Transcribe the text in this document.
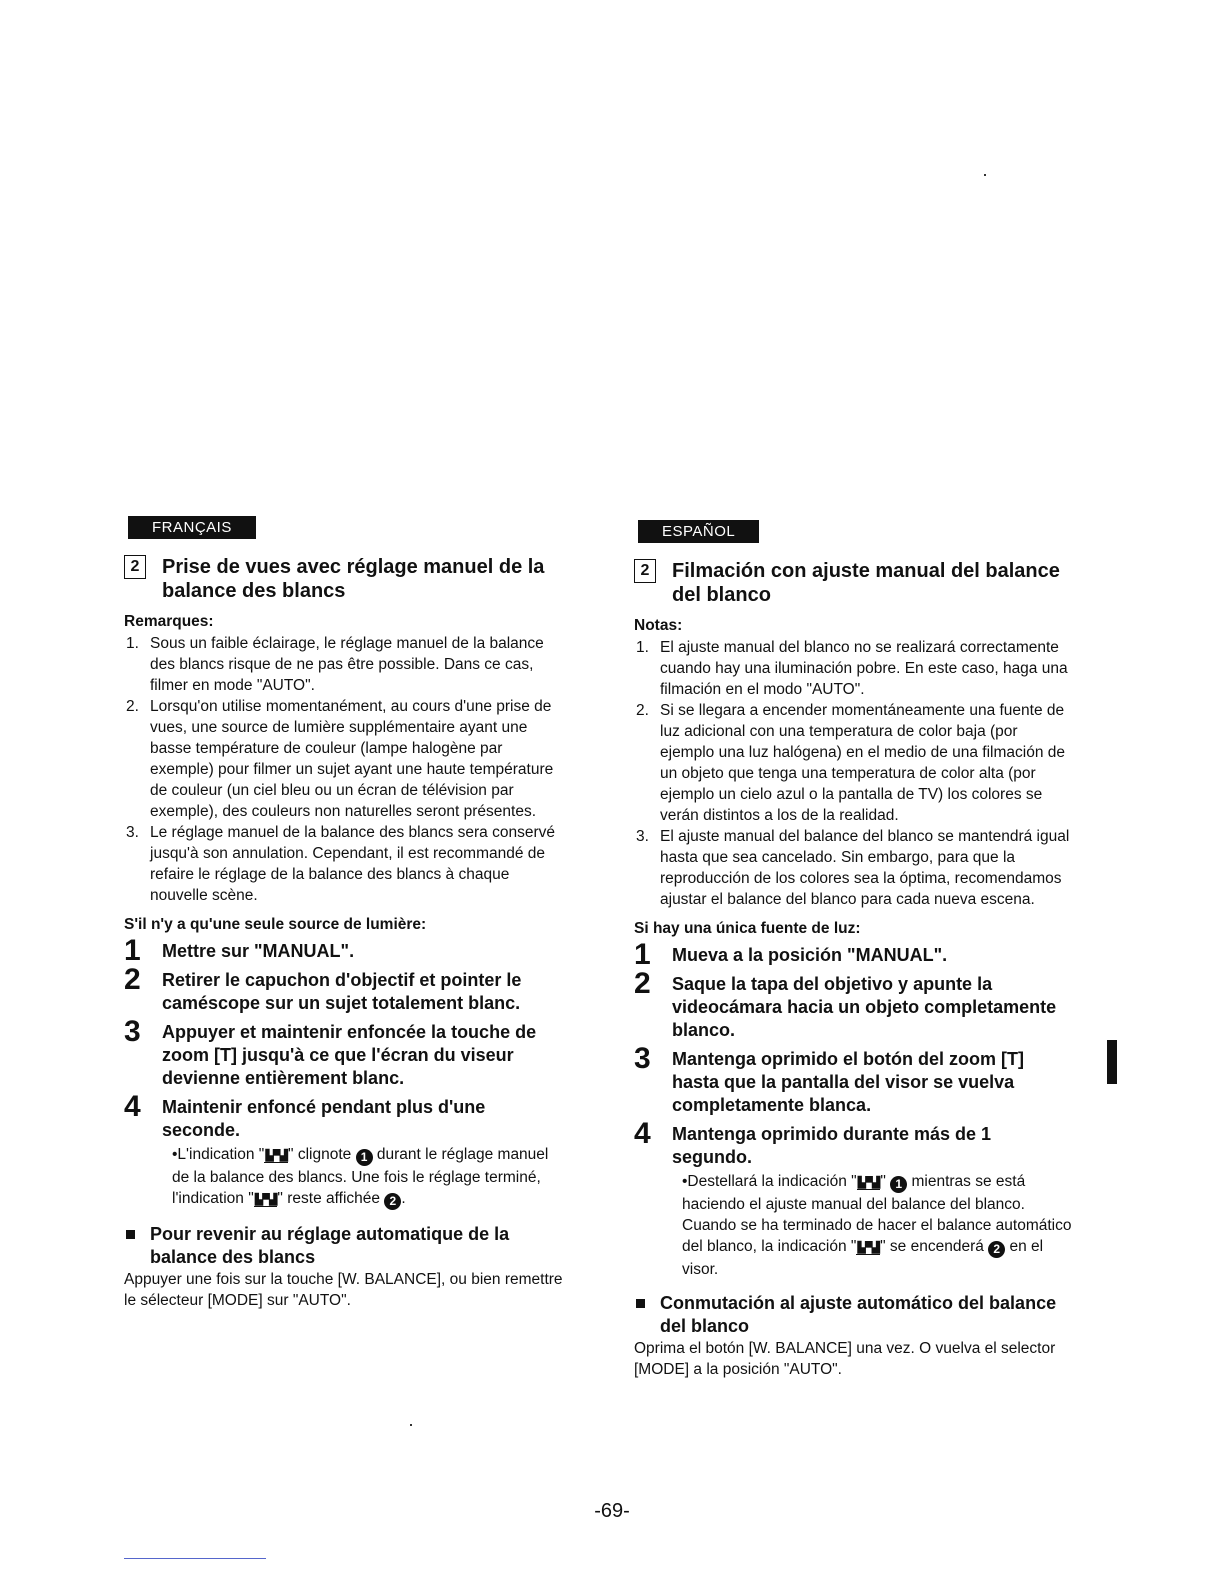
FRANÇAIS
2	Prise de vues avec réglage manuel de la balance des blancs
Remarques:
1. Sous un faible éclairage, le réglage manuel de la balance des blancs risque de ne pas être possible. Dans ce cas, filmer en mode "AUTO".
2. Lorsqu'on utilise momentanément, au cours d'une prise de vues, une source de lumière supplémentaire ayant une basse température de couleur (lampe halogène par exemple) pour filmer un sujet ayant une haute température de couleur (un ciel bleu ou un écran de télévision par exemple), des couleurs non naturelles seront présentes.
3. Le réglage manuel de la balance des blancs sera conservé jusqu'à son annulation. Cependant, il est recommandé de refaire le réglage de la balance des blancs à chaque nouvelle scène.
S'il n'y a qu'une seule source de lumière:
1 Mettre sur "MANUAL".
2 Retirer le capuchon d'objectif et pointer le caméscope sur un sujet totalement blanc.
3 Appuyer et maintenir enfoncée la touche de zoom [T] jusqu'à ce que l'écran du viseur devienne entièrement blanc.
4 Maintenir enfoncé pendant plus d'une seconde.
•L'indication "▙▀▟" clignote 1 durant le réglage manuel de la balance des blancs. Une fois le réglage terminé, l'indication "▙▀▟" reste affichée 2 .
Pour revenir au réglage automatique de la balance des blancs
Appuyer une fois sur la touche [W. BALANCE], ou bien remettre le sélecteur [MODE] sur "AUTO".
ESPAÑOL
2	Filmación con ajuste manual del balance del blanco
Notas:
1. El ajuste manual del blanco no se realizará correctamente cuando hay una iluminación pobre. En este caso, haga una filmación en el modo "AUTO".
2. Si se llegara a encender momentáneamente una fuente de luz adicional con una temperatura de color baja (por ejemplo una luz halógena) en el medio de una filmación de un objeto que tenga una temperatura de color alta (por ejemplo un cielo azul o la pantalla de TV) los colores se verán distintos a los de la realidad.
3. El ajuste manual del balance del blanco se mantendrá igual hasta que sea cancelado. Sin embargo, para que la reproducción de los colores sea la óptima, recomendamos ajustar el balance del blanco para cada nueva escena.
Si hay una única fuente de luz:
1 Mueva a la posición "MANUAL".
2 Saque la tapa del objetivo y apunte la videocámara hacia un objeto completamente blanco.
3 Mantenga oprimido el botón del zoom [T] hasta que la pantalla del visor se vuelva completamente blanca.
4 Mantenga oprimido durante más de 1 segundo.
•Destellará la indicación "▙▀▟" 1 mientras se está haciendo el ajuste manual del balance del blanco. Cuando se ha terminado de hacer el balance automático del blanco, la indicación "▙▀▟" se encenderá 2 en el visor.
Conmutación al ajuste automático del balance del blanco
Oprima el botón [W. BALANCE] una vez. O vuelva el selector [MODE] a la posición "AUTO".
-69-
